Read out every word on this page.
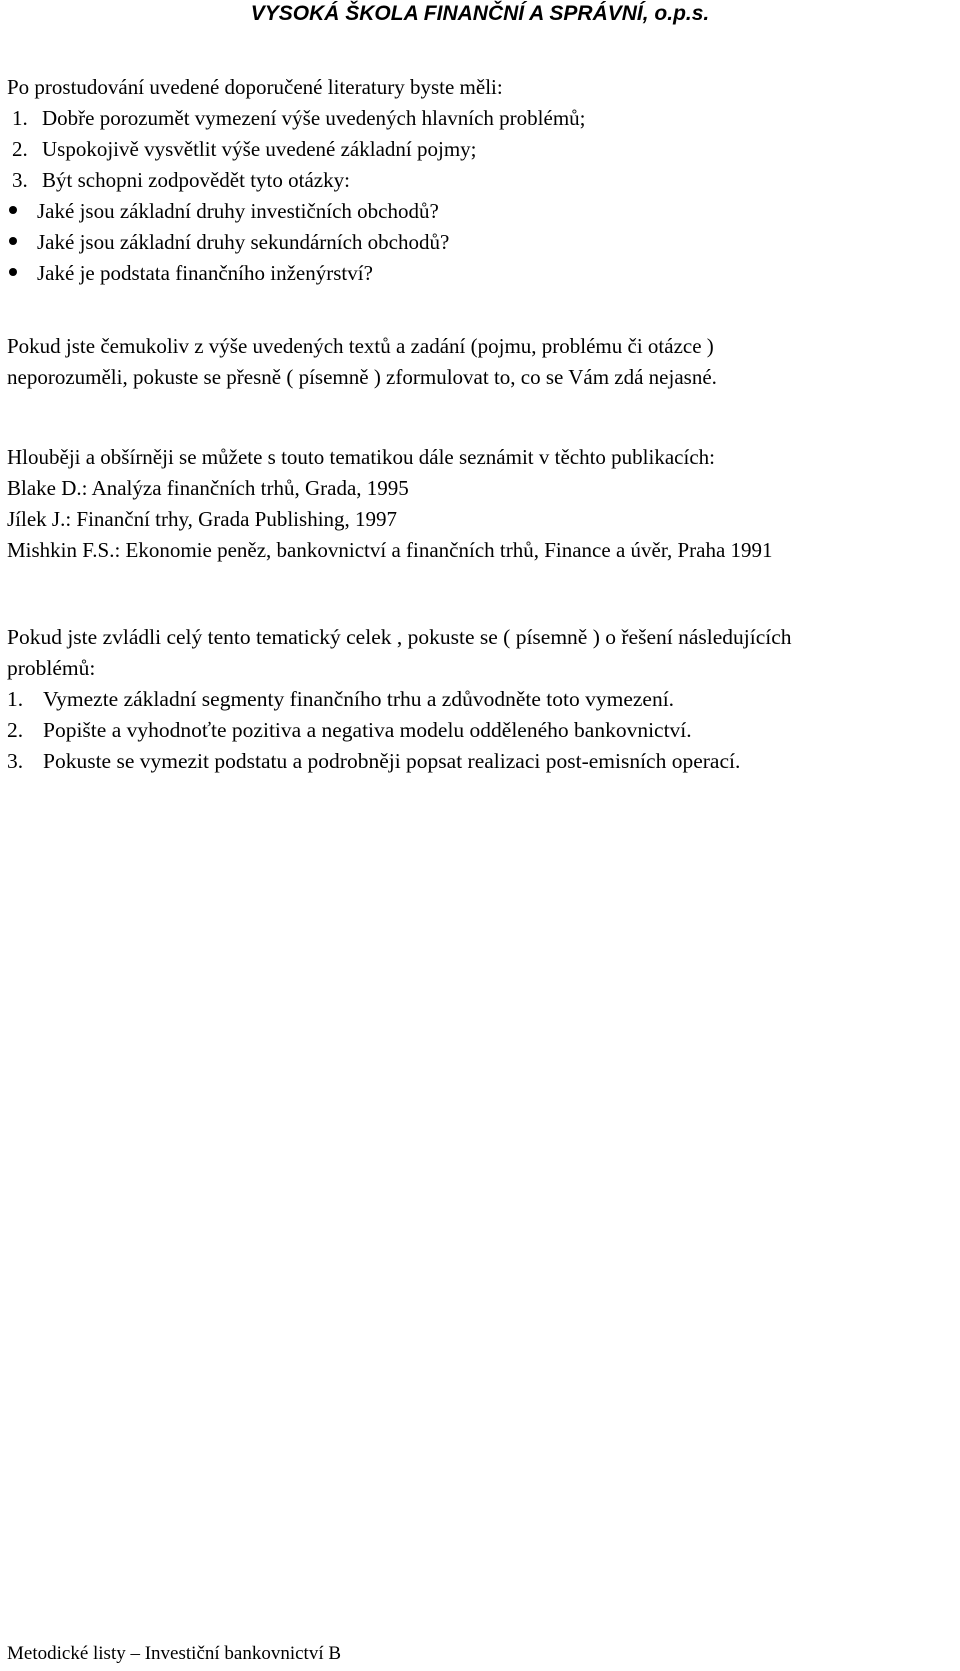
VYSOKÁ ŠKOLA FINANČNÍ A SPRÁVNÍ, o.p.s.
Po prostudování uvedené doporučené literatury byste měli:
1. Dobře porozumět vymezení výše uvedených hlavních problémů;
2. Uspokojivě vysvětlit výše uvedené základní pojmy;
3. Být schopni zodpovědět tyto otázky:
Jaké jsou základní druhy investičních obchodů?
Jaké jsou základní druhy sekundárních obchodů?
Jaké je podstata finančního inženýrství?
Pokud jste čemukoliv z výše uvedených textů a zadání (pojmu, problému či otázce )
neporozuměli, pokuste se přesně ( písemně ) zformulovat to, co se Vám zdá nejasné.
Hlouběji a obšírněji se můžete s touto tematikou dále seznámit v těchto publikacích:
Blake D.: Analýza finančních trhů, Grada, 1995
Jílek J.: Finanční trhy, Grada Publishing, 1997
Mishkin F.S.: Ekonomie peněz, bankovnictví a finančních trhů, Finance a úvěr, Praha 1991
Pokud jste zvládli celý tento tematický celek , pokuste se ( písemně ) o řešení následujících
problémů:
1. Vymezte základní segmenty finančního trhu a zdůvodněte toto vymezení.
2. Popište a vyhodnoťte pozitiva a negativa modelu odděleného bankovnictví.
3. Pokuste se vymezit podstatu a podrobněji popsat realizaci post-emisních operací.
Metodické listy – Investiční bankovnictví B
